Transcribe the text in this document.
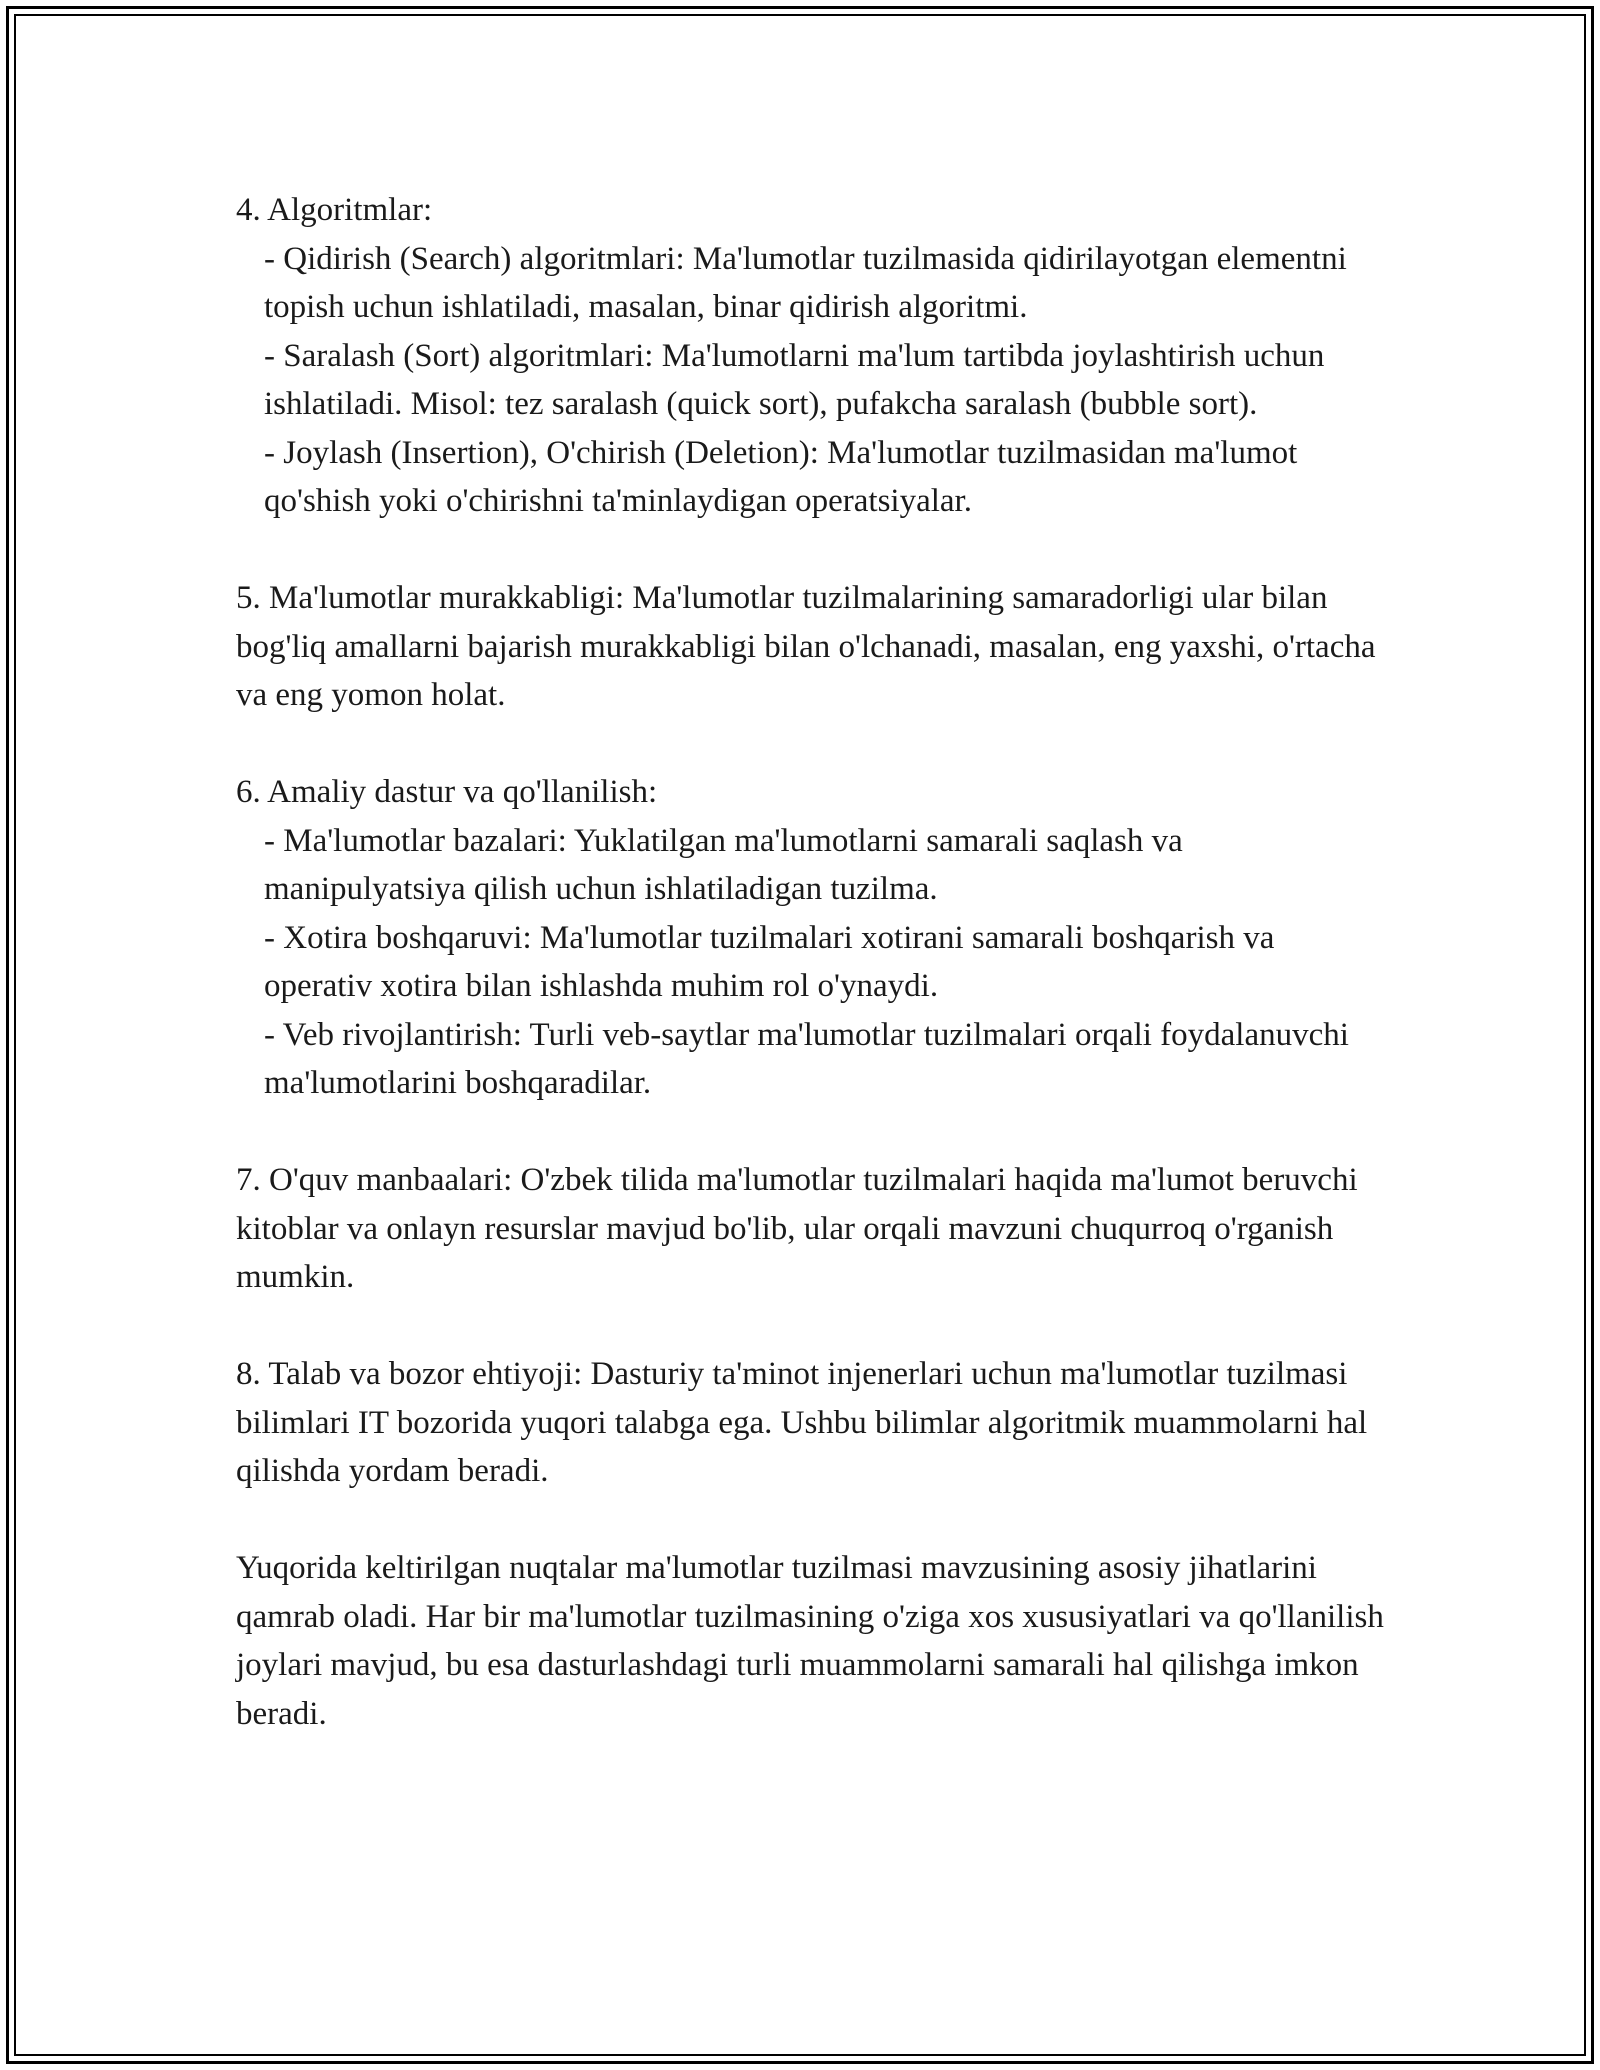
4. Algoritmlar:
- Qidirish (Search) algoritmlari: Ma'lumotlar tuzilmasida qidirilayotgan elementni topish uchun ishlatiladi, masalan, binar qidirish algoritmi.
- Saralash (Sort) algoritmlari: Ma'lumotlarni ma'lum tartibda joylashtirish uchun ishlatiladi. Misol: tez saralash (quick sort), pufakcha saralash (bubble sort).
- Joylash (Insertion), O'chirish (Deletion): Ma'lumotlar tuzilmasidan ma'lumot qo'shish yoki o'chirishni ta'minlaydigan operatsiyalar.
5. Ma'lumotlar murakkabligi: Ma'lumotlar tuzilmalarining samaradorligi ular bilan bog'liq amallarni bajarish murakkabligi bilan o'lchanadi, masalan, eng yaxshi, o'rtacha va eng yomon holat.
6. Amaliy dastur va qo'llanilish:
- Ma'lumotlar bazalari: Yuklatilgan ma'lumotlarni samarali saqlash va manipulyatsiya qilish uchun ishlatiladigan tuzilma.
- Xotira boshqaruvi: Ma'lumotlar tuzilmalari xotirani samarali boshqarish va operativ xotira bilan ishlashda muhim rol o'ynaydi.
- Veb rivojlantirish: Turli veb-saytlar ma'lumotlar tuzilmalari orqali foydalanuvchi ma'lumotlarini boshqaradilar.
7. O'quv manbaalari: O'zbek tilida ma'lumotlar tuzilmalari haqida ma'lumot beruvchi kitoblar va onlayn resurslar mavjud bo'lib, ular orqali mavzuni chuqurroq o'rganish mumkin.
8. Talab va bozor ehtiyoji: Dasturiy ta'minot injenerlari uchun ma'lumotlar tuzilmasi bilimlari IT bozorida yuqori talabga ega. Ushbu bilimlar algoritmik muammolarni hal qilishda yordam beradi.
Yuqorida keltirilgan nuqtalar ma'lumotlar tuzilmasi mavzusining asosiy jihatlarini qamrab oladi. Har bir ma'lumotlar tuzilmasining o'ziga xos xususiyatlari va qo'llanilish joylari mavjud, bu esa dasturlashdagi turli muammolarni samarali hal qilishga imkon beradi.
